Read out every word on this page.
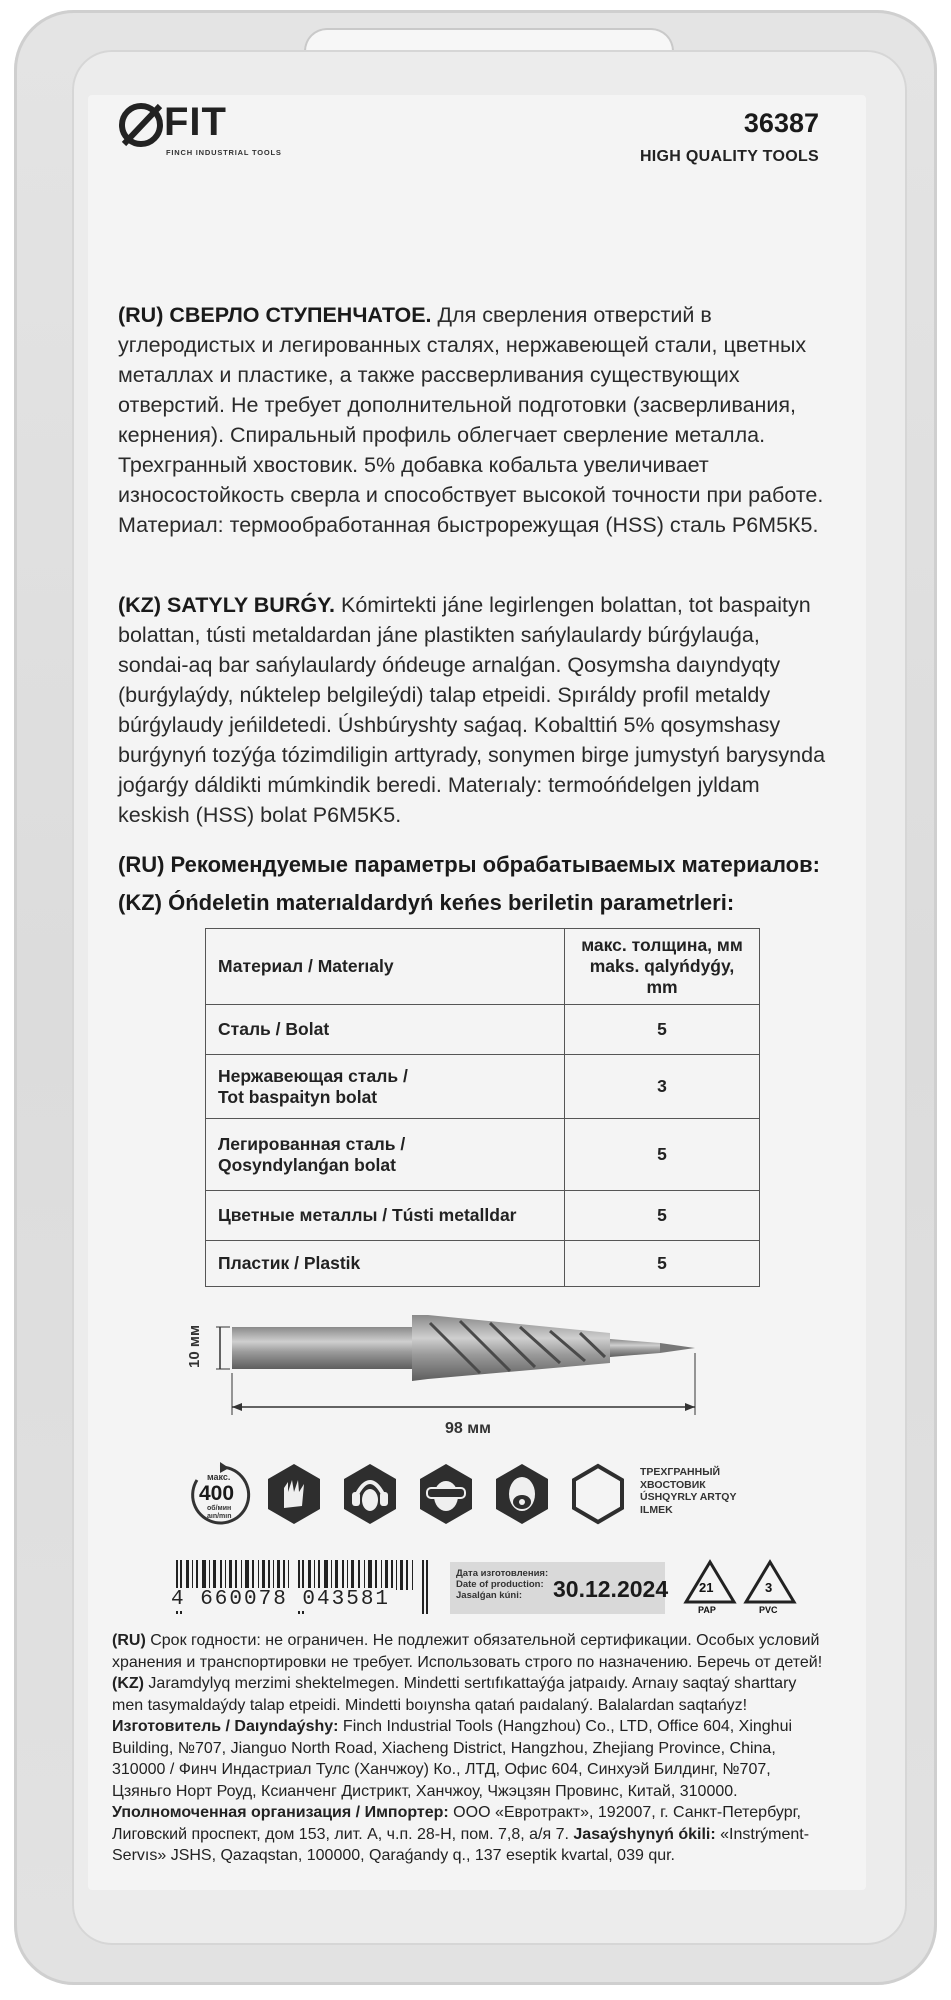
FIT
FINCH INDUSTRIAL TOOLS
36387
HIGH QUALITY TOOLS
(RU) СВЕРЛО СТУПЕНЧАТОЕ. Для сверления отверстий в углеродистых и легированных сталях, нержавеющей стали, цветных металлах и пластике, а также рассверливания существующих отверстий. Не требует дополнительной подготовки (засверливания, кернения). Спиральный профиль облегчает сверление металла. Трехгранный хвостовик. 5% добавка кобальта увеличивает износостойкость сверла и способствует высокой точности при работе. Материал: термообработанная быстрорежущая (HSS) сталь Р6М5К5.
(KZ) SATYLY BURǴY. Kómirtektі jáne legirlengen bolattan, tot baspaityn bolattan, tústі metaldardan jáne plastikten sańylaulardy búrǵylauǵa, sondai-aq bar sańylaulardy óńdeuge arnalǵan. Qosymsha daıyndyqty (burǵylaýdy, núktelep belgileýdі) talap etpeidі. Spıráldy profil metaldy búrǵylaudy jeńіldetedі. Úshbúryshty saǵaq. Kobalttіń 5% qosymshasy burǵynyń tozýǵa tózimdiligin arttyrady, sonymen birge jumystyń barysynda joǵarǵy dáldikti múmkindik beredі. Materıaly: termoóńdelgen jyldam keskish (HSS) bolat P6M5K5.
(RU) Рекомендуемые параметры обрабатываемых материалов:
(KZ) Óńdeletin materıaldardyń keńes beriletin parametrleri:
Материал / Materıaly	макс. толщина, мм
maks. qalyńdyǵy, mm
Сталь / Bolat	5
Нержавеющая сталь /
Tot baspaityn bolat	3
Легированная сталь /
Qosyndylanǵan bolat	5
Цветные металлы / Tústi metalldar	5
Пластик / Plastik	5
10 мм
98 мм
макс.
400
об/мин
aın/mın
ТРЕХГРАННЫЙ
ХВОСТОВИК
ÚSHQYRLY ARTQY
ILMEK
4 660078 043581
Дата изготовления:
Date of production:
Jasalǵan kúni:	30.12.2024 21
PAP
3
PVC
(RU) Срок годности: не ограничен. Не подлежит обязательной сертификации. Особых условий хранения и транспортировки не требует. Использовать строго по назначению. Беречь от детей! (KZ) Jaramdylyq merzimi shektelmegen. Mindetti sertıfıkattaýǵa jatpaıdy. Arnaıy saqtaý sharttary men tasymaldaýdy talap etpeidі. Mindetti boıynsha qatań paıdalaný. Balalardan saqtańyz! Изготовитель / Daıyndaýshy: Finch Industrial Tools (Hangzhou) Co., LTD, Office 604, Xinghui Building, №707, Jianguo North Road, Xiacheng District, Hangzhou, Zhejiang Province, China, 310000 / Финч Индастриал Тулс (Ханчжоу) Ко., ЛТД, Офис 604, Синхуэй Билдинг, №707, Цзяньго Норт Роуд, Ксианченг Дистрикт, Ханчжоу, Чжэцзян Провинс, Китай, 310000. Уполномоченная организация / Импортер: ООО «Евротракт», 192007, г. Санкт-Петербург, Лиговский проспект, дом 153, лит. А, ч.п. 28-Н, пом. 7,8, а/я 7. Jasaýshynyń ókili: «Instrýment-Servıs» JSHS, Qazaqstan, 100000, Qaraǵandy q., 137 eseptik kvartal, 039 qur.
